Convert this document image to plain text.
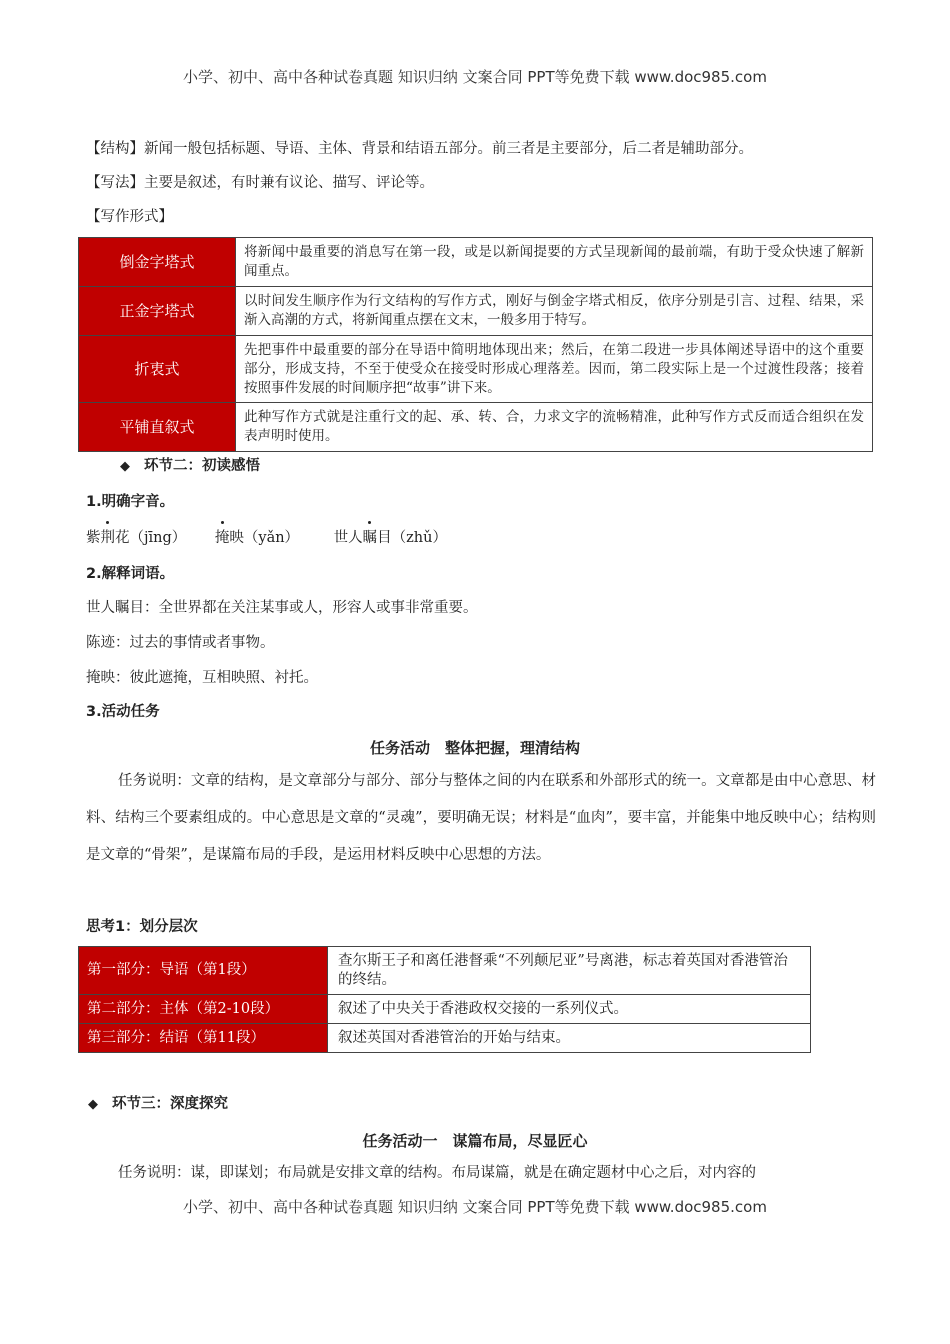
小学、初中、高中各种试卷真题 知识归纳 文案合同 PPT等免费下载 www.doc985.com
【结构】新闻一般包括标题、导语、主体、背景和结语五部分。前三者是主要部分，后二者是辅助部分。
【写法】主要是叙述，有时兼有议论、描写、评论等。
【写作形式】
倒金字塔式	将新闻中最重要的消息写在第一段，或是以新闻提要的方式呈现新闻的最前端，有助于受众快速了解新闻重点。
正金字塔式	以时间发生顺序作为行文结构的写作方式，刚好与倒金字塔式相反，依序分别是引言、过程、结果，采渐入高潮的方式，将新闻重点摆在文末，一般多用于特写。
折衷式	先把事件中最重要的部分在导语中简明地体现出来；然后，在第二段进一步具体阐述导语中的这个重要部分，形成支持，不至于使受众在接受时形成心理落差。因而，第二段实际上是一个过渡性段落；接着按照事件发展的时间顺序把“故事”讲下来。
平铺直叙式	此种写作方式就是注重行文的起、承、转、合，力求文字的流畅精准，此种写作方式反而适合组织在发表声明时使用。
◆ 环节二：初读感悟
1.明确字音。
紫荆花（jīng） 掩映（yǎn） 世人瞩目（zhǔ）
2.解释词语。
世人瞩目：全世界都在关注某事或人，形容人或事非常重要。
陈迹：过去的事情或者事物。
掩映：彼此遮掩，互相映照、衬托。
3.活动任务
任务活动　整体把握，理清结构
任务说明：文章的结构，是文章部分与部分、部分与整体之间的内在联系和外部形式的统一。文章都是由中心意思、材料、结构三个要素组成的。中心意思是文章的“灵魂”，要明确无误；材料是“血肉”，要丰富，并能集中地反映中心；结构则是文章的“骨架”，是谋篇布局的手段，是运用材料反映中心思想的方法。
思考1：划分层次
第一部分：导语（第1段）	查尔斯王子和离任港督乘“不列颠尼亚”号离港，标志着英国对香港管治的终结。
第二部分：主体（第2-10段）	叙述了中央关于香港政权交接的一系列仪式。
第三部分：结语（第11段）	叙述英国对香港管治的开始与结束。
◆ 环节三：深度探究
任务活动一　谋篇布局，尽显匠心
任务说明：谋，即谋划；布局就是安排文章的结构。布局谋篇，就是在确定题材中心之后，对内容的
小学、初中、高中各种试卷真题 知识归纳 文案合同 PPT等免费下载 www.doc985.com
